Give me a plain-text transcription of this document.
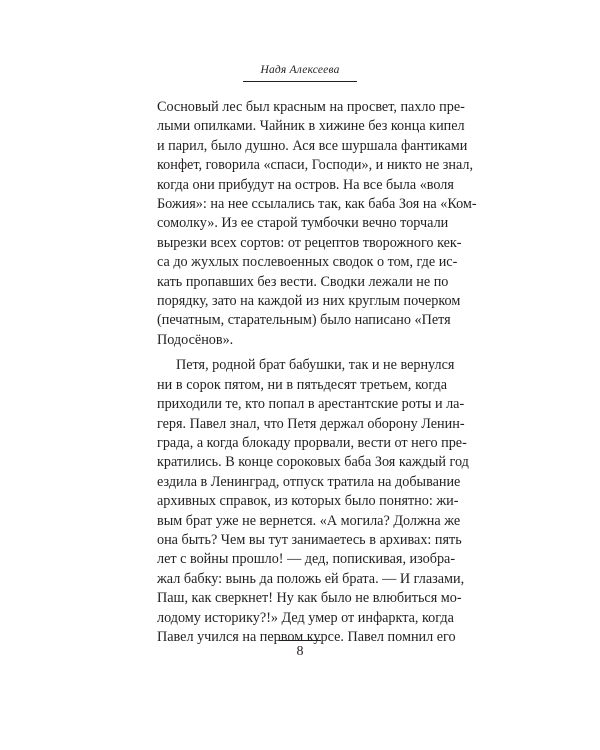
Надя Алексеева
Сосновый лес был красным на просвет, пахло пре-
лыми опилками. Чайник в хижине без конца кипел
и парил, было душно. Ася все шуршала фантиками
конфет, говорила «спаси, Господи», и никто не знал,
когда они прибудут на остров. На все была «воля
Божия»: на нее ссылались так, как баба Зоя на «Ком-
сомолку». Из ее старой тумбочки вечно торчали
вырезки всех сортов: от рецептов творожного кек-
са до жухлых послевоенных сводок о том, где ис-
кать пропавших без вести. Сводки лежали не по
порядку, зато на каждой из них круглым почерком
(печатным, старательным) было написано «Петя
Подосёнов».
Петя, родной брат бабушки, так и не вернулся
ни в сорок пятом, ни в пятьдесят третьем, когда
приходили те, кто попал в арестантские роты и ла-
геря. Павел знал, что Петя держал оборону Ленин-
града, а когда блокаду прорвали, вести от него пре-
кратились. В конце сороковых баба Зоя каждый год
ездила в Ленинград, отпуск тратила на добывание
архивных справок, из которых было понятно: жи-
вым брат уже не вернется. «А могила? Должна же
она быть? Чем вы тут занимаетесь в архивах: пять
лет с войны прошло! — дед, попискивая, изобра-
жал бабку: вынь да положь ей брата. — И глазами,
Паш, как сверкнет! Ну как было не влюбиться мо-
лодому историку?!» Дед умер от инфаркта, когда
Павел учился на первом курсе. Павел помнил его
8
